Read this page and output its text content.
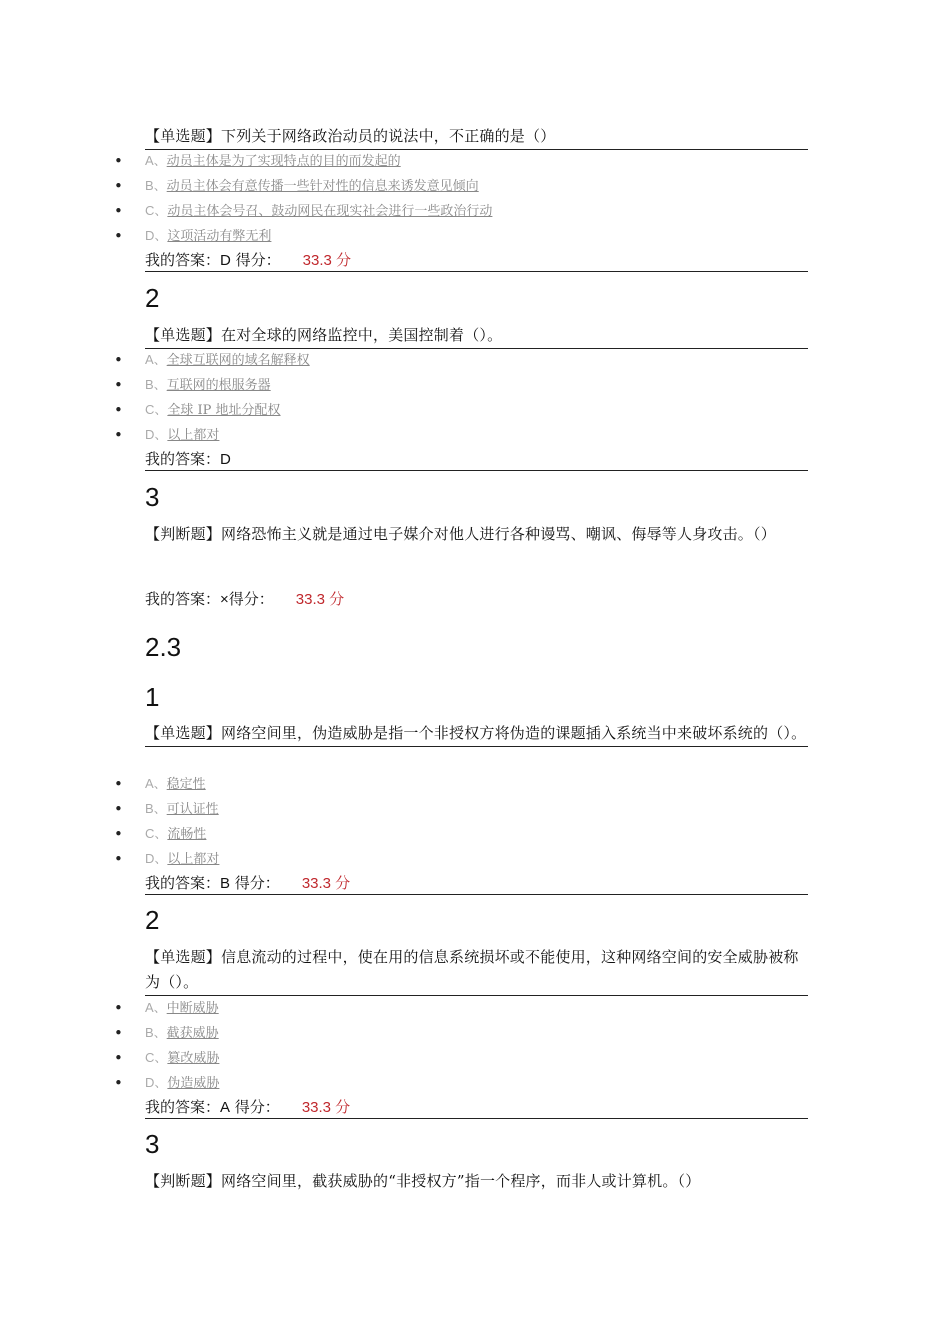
【单选题】下列关于网络政治动员的说法中，不正确的是（）
• A、动员主体是为了实现特点的目的而发起的
• B、动员主体会有意传播一些针对性的信息来诱发意见倾向
• C、动员主体会号召、鼓动网民在现实社会进行一些政治行动
• D、这项活动有弊无利
我的答案：D 得分： 33.3 分
2
【单选题】在对全球的网络监控中，美国控制着（）。
• A、全球互联网的域名解释权
• B、互联网的根服务器
• C、全球 IP 地址分配权
• D、以上都对
我的答案：D
3
【判断题】网络恐怖主义就是通过电子媒介对他人进行各种谩骂、嘲讽、侮辱等人身攻击。（）
我的答案：×得分： 33.3 分
2.3
1
【单选题】网络空间里，伪造威胁是指一个非授权方将伪造的课题插入系统当中来破坏系统的（）。
• A、稳定性
• B、可认证性
• C、流畅性
• D、以上都对
我的答案：B 得分： 33.3 分
2
【单选题】信息流动的过程中，使在用的信息系统损坏或不能使用，这种网络空间的安全威胁被称为（）。
• A、中断威胁
• B、截获威胁
• C、篡改威胁
• D、伪造威胁
我的答案：A 得分： 33.3 分
3
【判断题】网络空间里，截获威胁的“非授权方”指一个程序，而非人或计算机。（）
